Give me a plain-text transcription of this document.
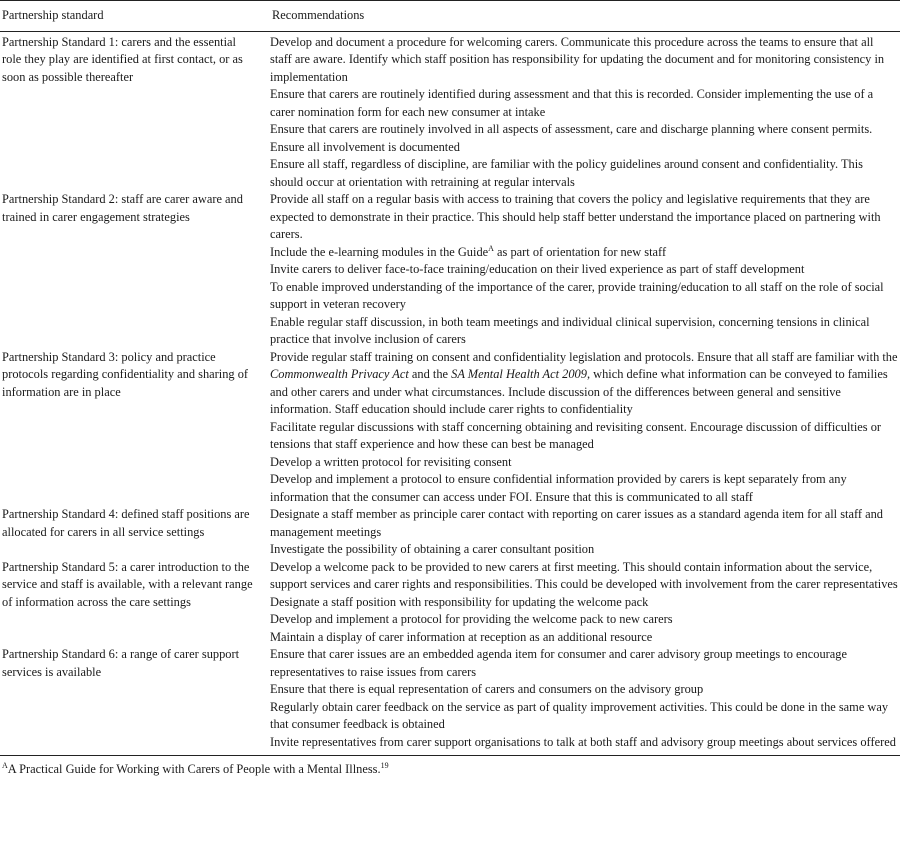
Partnership standard	Recommendations
Partnership Standard 1: carers and the essential role they play are identified at first contact, or as soon as possible thereafter	Develop and document a procedure for welcoming carers. Communicate this procedure across the teams to ensure that all staff are aware. Identify which staff position has responsibility for updating the document and for monitoring consistency in implementation
Ensure that carers are routinely identified during assessment and that this is recorded. Consider implementing the use of a carer nomination form for each new consumer at intake
Ensure that carers are routinely involved in all aspects of assessment, care and discharge planning where consent permits. Ensure all involvement is documented
Ensure all staff, regardless of discipline, are familiar with the policy guidelines around consent and confidentiality. This should occur at orientation with retraining at regular intervals

Partnership Standard 2: staff are carer aware and trained in carer engagement strategies	Provide all staff on a regular basis with access to training that covers the policy and legislative requirements that they are expected to demonstrate in their practice. This should help staff better understand the importance placed on partnering with carers.
Include the e-learning modules in the Guide$^A$ as part of orientation for new staff
Invite carers to deliver face-to-face training/education on their lived experience as part of staff development
To enable improved understanding of the importance of the carer, provide training/education to all staff on the role of social support in veteran recovery
Enable regular staff discussion, in both team meetings and individual clinical supervision, concerning tensions in clinical practice that involve inclusion of carers

Partnership Standard 3: policy and practice protocols regarding confidentiality and sharing of information are in place	Provide regular staff training on consent and confidentiality legislation and protocols. Ensure that all staff are familiar with the Commonwealth Privacy Act and the SA Mental Health Act 2009, which define what information can be conveyed to families and other carers and under what circumstances. Include discussion of the differences between general and sensitive information. Staff education should include carer rights to confidentiality
Facilitate regular discussions with staff concerning obtaining and revisiting consent. Encourage discussion of difficulties or tensions that staff experience and how these can best be managed
Develop a written protocol for revisiting consent
Develop and implement a protocol to ensure confidential information provided by carers is kept separately from any information that the consumer can access under FOI. Ensure that this is communicated to all staff

Partnership Standard 4: defined staff positions are allocated for carers in all service settings	Designate a staff member as principle carer contact with reporting on carer issues as a standard agenda item for all staff and management meetings
Investigate the possibility of obtaining a carer consultant position

Partnership Standard 5: a carer introduction to the service and staff is available, with a relevant range of information across the care settings	Develop a welcome pack to be provided to new carers at first meeting. This should contain information about the service, support services and carer rights and responsibilities. This could be developed with involvement from the carer representatives
Designate a staff position with responsibility for updating the welcome pack
Develop and implement a protocol for providing the welcome pack to new carers
Maintain a display of carer information at reception as an additional resource

Partnership Standard 6: a range of carer support services is available	Ensure that carer issues are an embedded agenda item for consumer and carer advisory group meetings to encourage representatives to raise issues from carers
Ensure that there is equal representation of carers and consumers on the advisory group
Regularly obtain carer feedback on the service as part of quality improvement activities. This could be done in the same way that consumer feedback is obtained
Invite representatives from carer support organisations to talk at both staff and advisory group meetings about services offered
$^A$A Practical Guide for Working with Carers of People with a Mental Illness.$^{19}$
